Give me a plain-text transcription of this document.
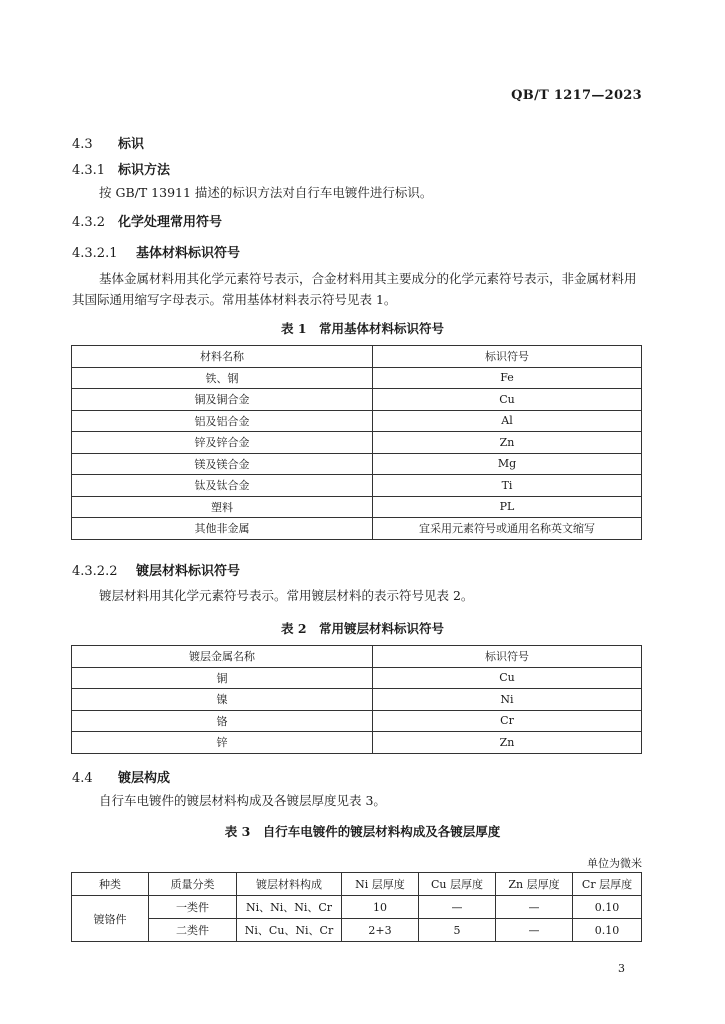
QB/T 1217—2023
4.3 标识
4.3.1 标识方法
按 GB/T 13911 描述的标识方法对自行车电镀件进行标识。
4.3.2 化学处理常用符号
4.3.2.1 基体材料标识符号
基体金属材料用其化学元素符号表示，合金材料用其主要成分的化学元素符号表示，非金属材料用
其国际通用缩写字母表示。常用基体材料表示符号见表 1。
表 1　常用基体材料标识符号
材料名称	标识符号
铁、钢	Fe
铜及铜合金	Cu
铝及铝合金	Al
锌及锌合金	Zn
镁及镁合金	Mg
钛及钛合金	Ti
塑料	PL
其他非金属	宜采用元素符号或通用名称英文缩写
4.3.2.2 镀层材料标识符号
镀层材料用其化学元素符号表示。常用镀层材料的表示符号见表 2。
表 2　常用镀层材料标识符号
镀层金属名称	标识符号
铜	Cu
镍	Ni
铬	Cr
锌	Zn
4.4 镀层构成
自行车电镀件的镀层材料构成及各镀层厚度见表 3。
表 3　自行车电镀件的镀层材料构成及各镀层厚度
单位为微米
种类	质量分类	镀层材料构成	Ni 层厚度	Cu 层厚度	Zn 层厚度	Cr 层厚度
镀铬件	一类件	Ni、Ni、Ni、Cr	10	—	—	0.10
	二类件	Ni、Cu、Ni、Cr	2+3	5	—	0.10
3
